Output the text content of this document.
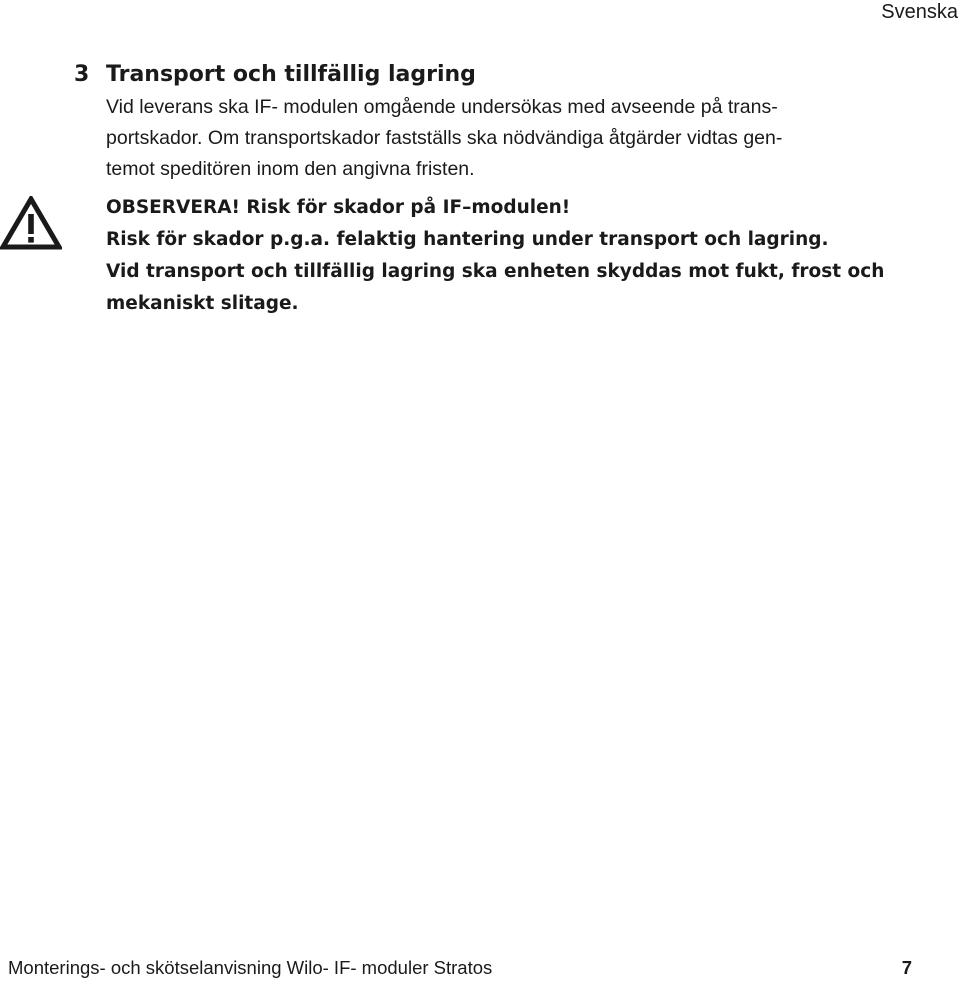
Svenska
3 Transport och tillfällig lagring

Vid leverans ska IF- modulen omgående undersökas med avseende på trans-
portskador. Om transportskador fastställs ska nödvändiga åtgärder vidtas gen-
temot speditören inom den angivna fristen.

OBSERVERA! Risk för skador på IF–modulen!
Risk för skador p.g.a. felaktig hantering under transport och lagring.
Vid transport och tillfällig lagring ska enheten skyddas mot fukt, frost och
mekaniskt slitage.
Monterings- och skötselanvisning Wilo- IF- moduler Stratos	7
